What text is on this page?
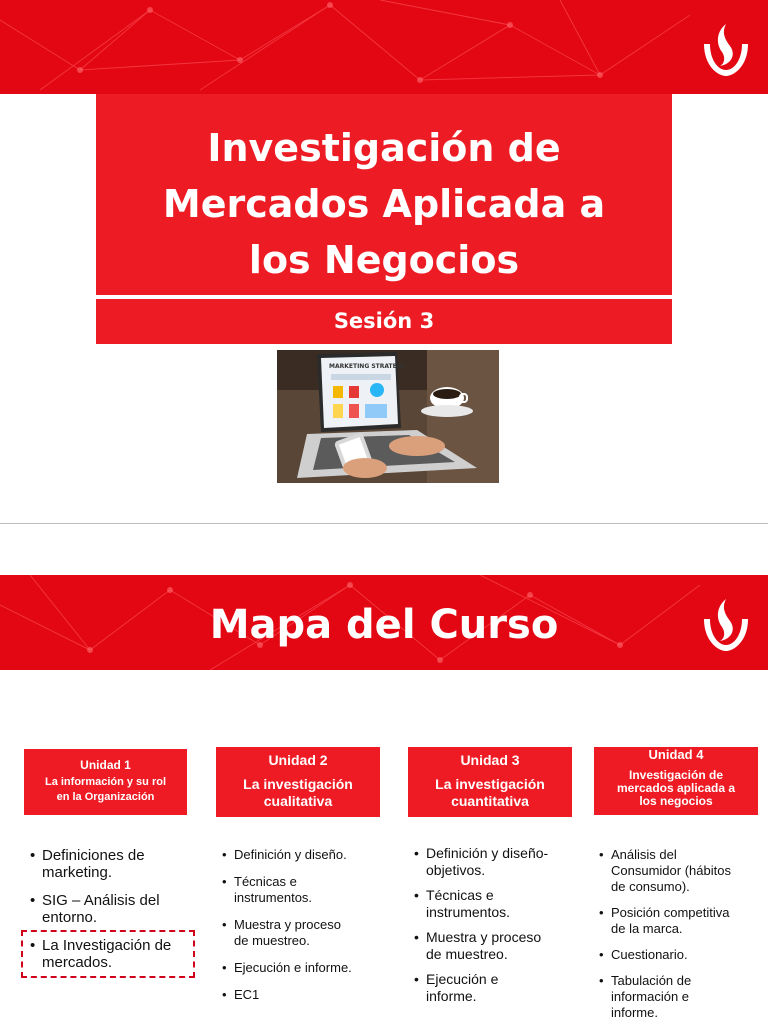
Investigación de
Mercados Aplicada a
los Negocios
Sesión 3
MARKETING STRATEGY
Mapa del Curso
Unidad 1
La información y su rol
en la Organización
• Definiciones de
marketing.
• SIG – Análisis del
entorno.
• La Investigación de
mercados.
Unidad 2
La investigación
cualitativa
• Definición y diseño.
• Técnicas e
instrumentos.
• Muestra y proceso
de muestreo.
• Ejecución e informe.
• EC1
Unidad 3
La investigación
cuantitativa
• Definición y diseño-
objetivos.
• Técnicas e
instrumentos.
• Muestra y proceso
de muestreo.
• Ejecución e
informe.
Unidad 4
Investigación de
mercados aplicada a
los negocios
• Análisis del
Consumidor (hábitos
de consumo).
• Posición competitiva
de la marca.
• Cuestionario.
• Tabulación de
información e
informe.
